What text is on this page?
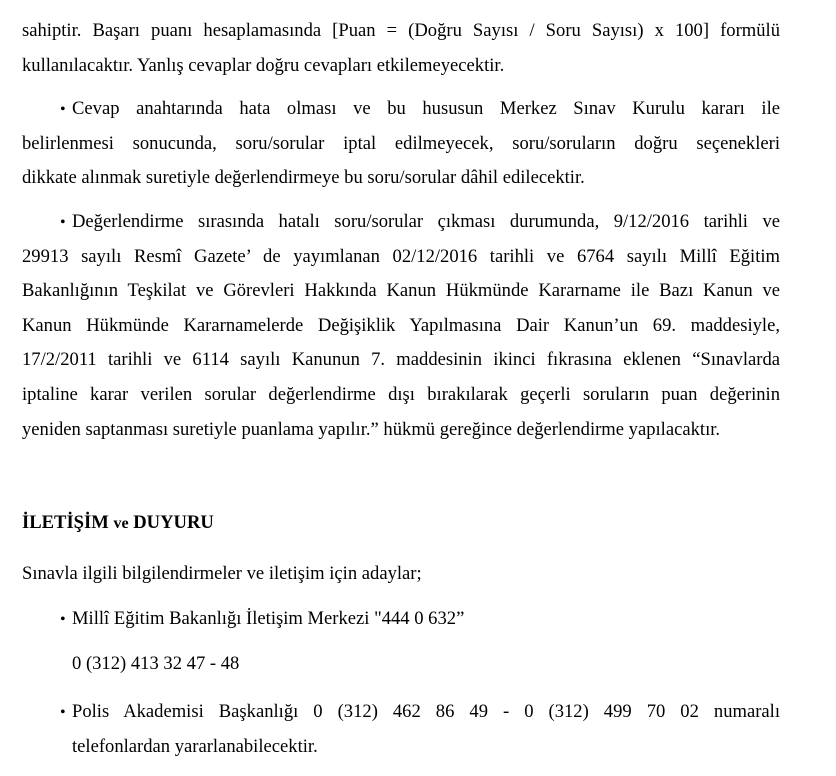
sahiptir. Başarı puanı hesaplamasında [Puan = (Doğru Sayısı / Soru Sayısı) x 100] formülü
kullanılacaktır. Yanlış cevaplar doğru cevapları etkilemeyecektir.
• Cevap anahtarında hata olması ve bu hususun Merkez Sınav Kurulu kararı ile
belirlenmesi sonucunda, soru/sorular iptal edilmeyecek, soru/soruların doğru seçenekleri
dikkate alınmak suretiyle değerlendirmeye bu soru/sorular dâhil edilecektir.
• Değerlendirme sırasında hatalı soru/sorular çıkması durumunda, 9/12/2016 tarihli ve
29913 sayılı Resmî Gazete’ de yayımlanan 02/12/2016 tarihli ve 6764 sayılı Millî Eğitim
Bakanlığının Teşkilat ve Görevleri Hakkında Kanun Hükmünde Kararname ile Bazı Kanun ve
Kanun Hükmünde Kararnamelerde Değişiklik Yapılmasına Dair Kanun’un 69. maddesiyle,
17/2/2011 tarihli ve 6114 sayılı Kanunun 7. maddesinin ikinci fıkrasına eklenen “Sınavlarda
iptaline karar verilen sorular değerlendirme dışı bırakılarak geçerli soruların puan değerinin
yeniden saptanması suretiyle puanlama yapılır.” hükmü gereğince değerlendirme yapılacaktır.
İLETİŞİM ve DUYURU
Sınavla ilgili bilgilendirmeler ve iletişim için adaylar;
• Millî Eğitim Bakanlığı İletişim Merkezi "444 0 632”
0 (312) 413 32 47 - 48
• Polis Akademisi Başkanlığı 0 (312) 462 86 49 - 0 (312) 499 70 02 numaralı
telefonlardan yararlanabilecektir.
